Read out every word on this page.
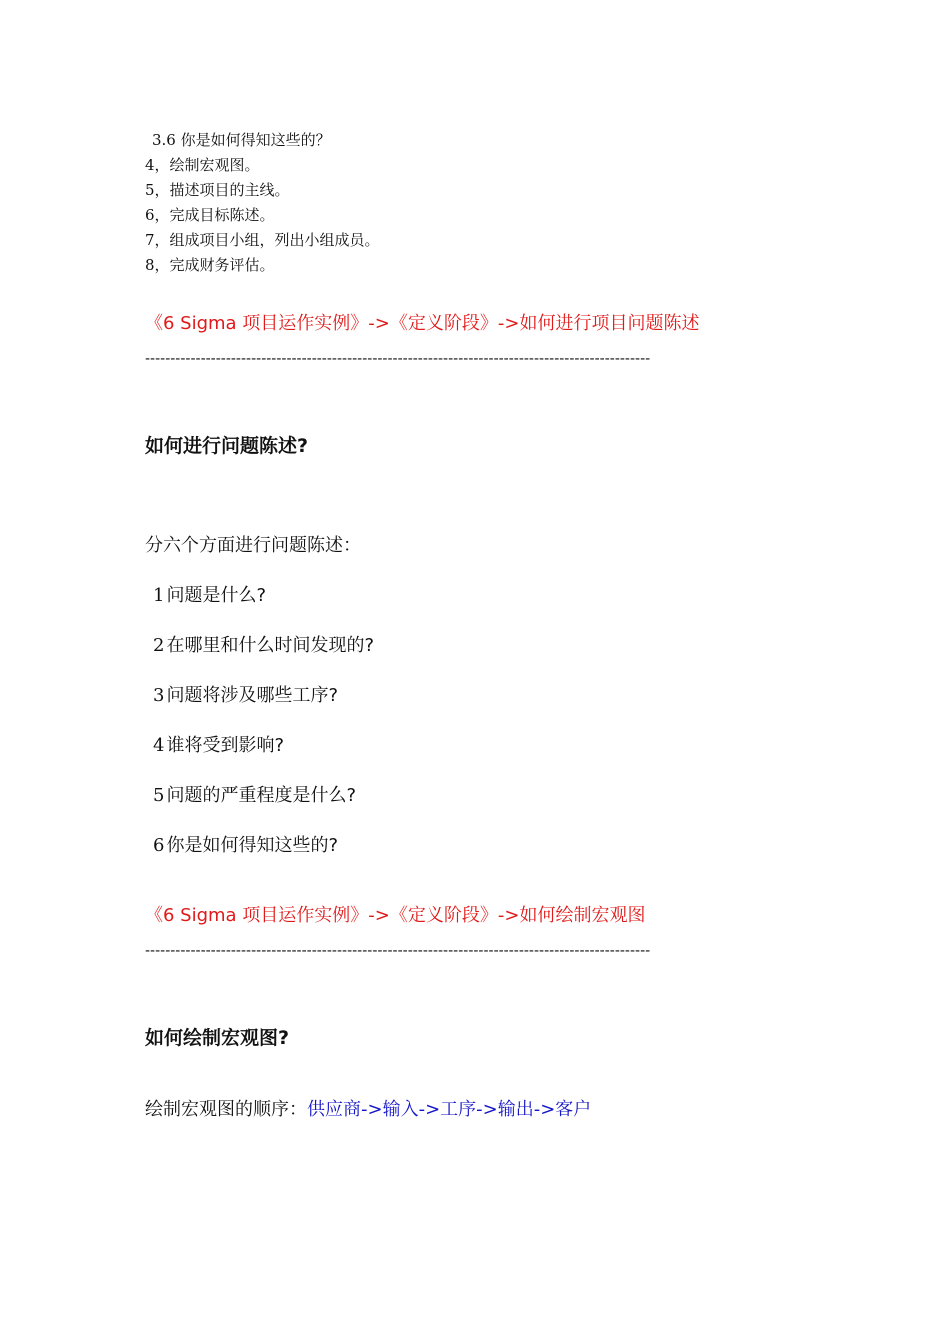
3.6 你是如何得知这些的？
4，绘制宏观图。
5，描述项目的主线。
6，完成目标陈述。
7，组成项目小组，列出小组成员。
8，完成财务评估。
《6 Sigma 项目运作实例》->《定义阶段》->如何进行项目问题陈述
----------------------------------------------------------------------------------------------------
如何进行问题陈述?
分六个方面进行问题陈述：
1 问题是什么?
2 在哪里和什么时间发现的?
3 问题将涉及哪些工序?
4 谁将受到影响?
5 问题的严重程度是什么?
6 你是如何得知这些的?
《6 Sigma 项目运作实例》->《定义阶段》->如何绘制宏观图
----------------------------------------------------------------------------------------------------
如何绘制宏观图?
绘制宏观图的顺序：供应商->输入->工序->输出->客户
